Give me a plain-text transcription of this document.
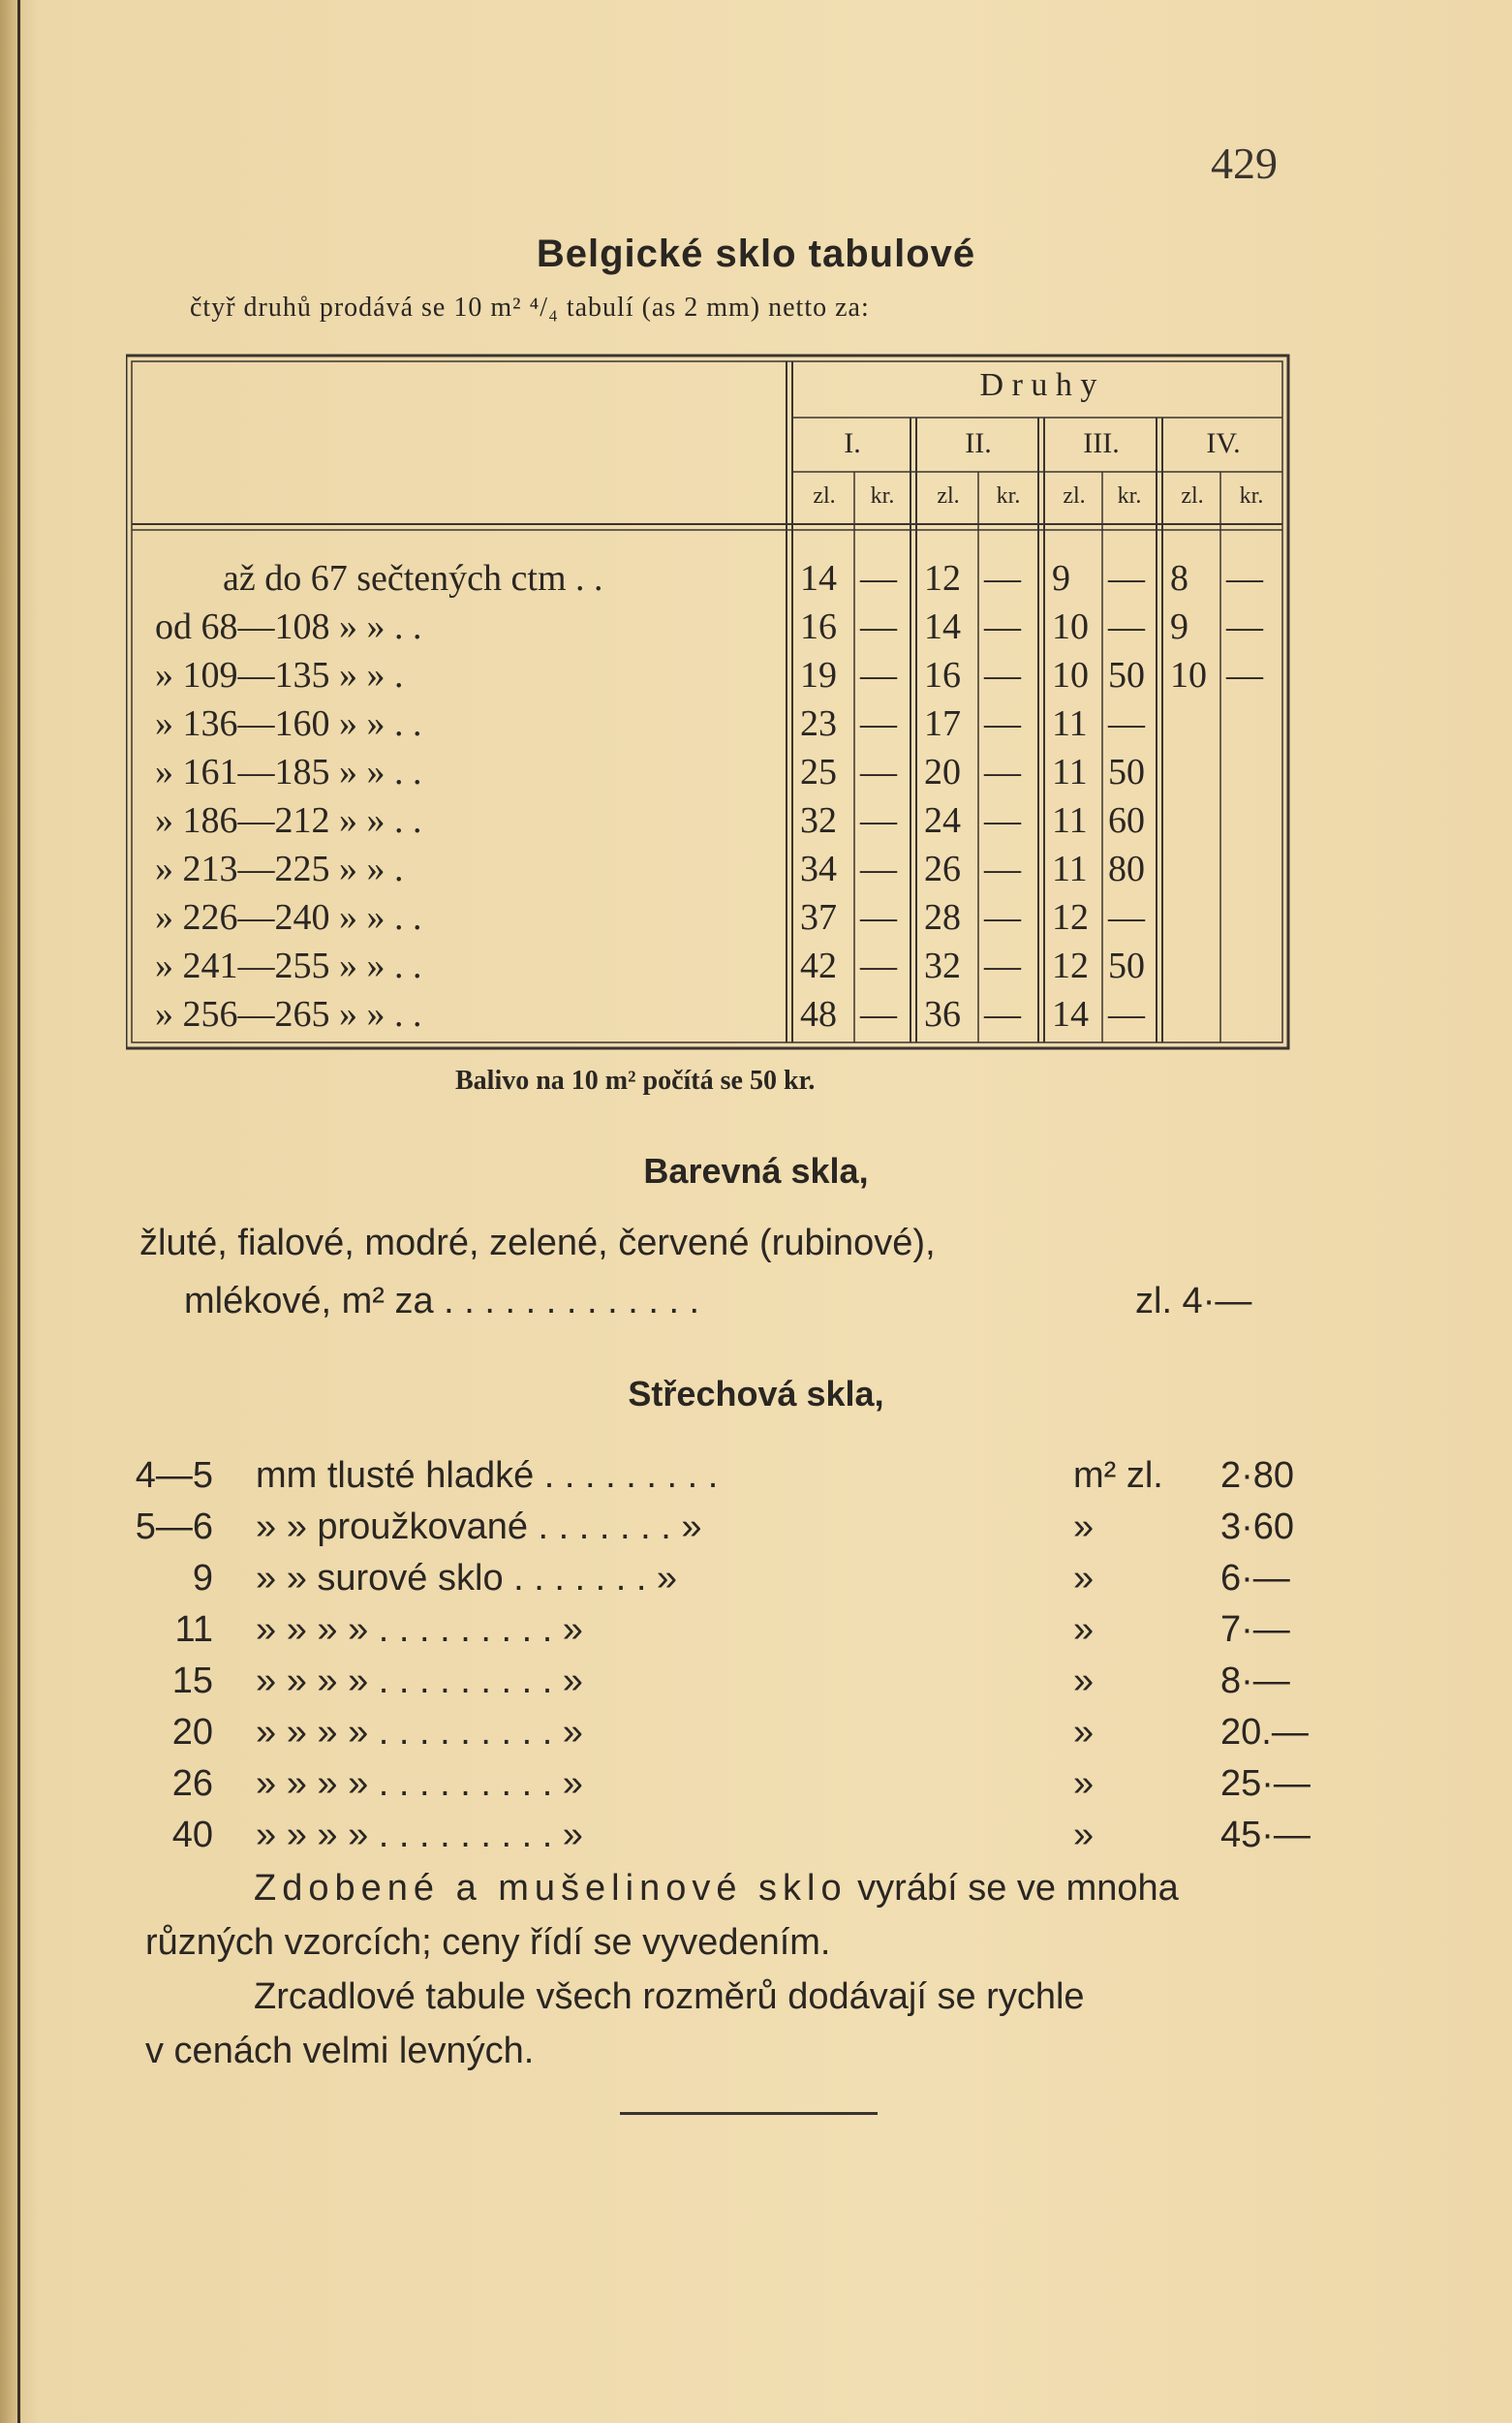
429
Belgické sklo tabulové
čtyř druhů prodává se 10 m² ⁴/₄ tabulí (as 2 mm) netto za:
D r u h y
I.	II.	III.	IV.
zl.	kr.	zl.	kr.	zl.	kr.	zl.	kr.
až do 67 sečtených ctm . .	14 — 12 — 9 — 8 —
od 68—108 » » . .	16 — 14 — 10 — 9 —
» 109—135 » » .	19 — 16 — 10 50 10 —
» 136—160 » » . .	23 — 17 — 11 —
» 161—185 » » . .	25 — 20 — 11 50
» 186—212 » » . .	32 — 24 — 11 60
» 213—225 » » .	34 — 26 — 11 80
» 226—240 » » . .	37 — 28 — 12 —
» 241—255 » » . .	42 — 32 — 12 50
» 256—265 » » . .	48 — 36 — 14 —
Balivo na 10 m² počítá se 50 kr.
Barevná skla,
žluté, fialové, modré, zelené, červené (rubinové),
mlékové, m² za . . . . . . . . . . . . .	zl. 4·—
Střechová skla,
4—5 mm tlusté hladké . . . . . . . . .	m² zl. 2·80
5—6 » » proužkované . . . . . . . »	»	3·60
9 » » surové sklo . . . . . . . »	»	6·—
11 » » » » . . . . . . . . . »	»	7·—
15 » » » » . . . . . . . . . »	»	8·—
20 » » » » . . . . . . . . . »	»	20.—
26 » » » » . . . . . . . . . »	»	25·—
40 » » » » . . . . . . . . . »	»	45·—
Zdobené a mušelinové sklo vyrábí se ve mnoha
různých vzorcích; ceny řídí se vyvedením.
Zrcadlové tabule všech rozměrů dodávají se rychle
v cenách velmi levných.
